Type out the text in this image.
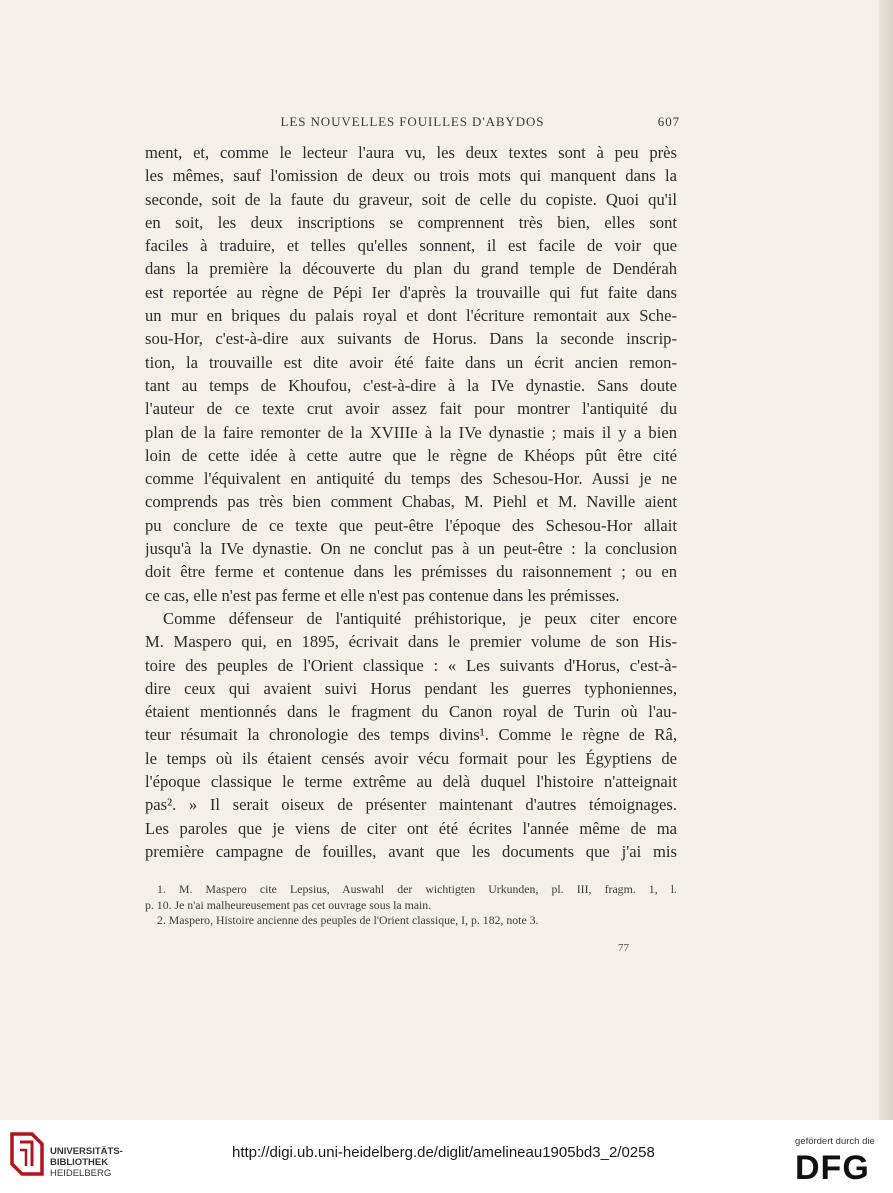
LES NOUVELLES FOUILLES D'ABYDOS	607
ment, et, comme le lecteur l'aura vu, les deux textes sont à peu près
les mêmes, sauf l'omission de deux ou trois mots qui manquent dans la
seconde, soit de la faute du graveur, soit de celle du copiste. Quoi qu'il
en soit, les deux inscriptions se comprennent très bien, elles sont
faciles à traduire, et telles qu'elles sonnent, il est facile de voir que
dans la première la découverte du plan du grand temple de Dendérah
est reportée au règne de Pépi Ier d'après la trouvaille qui fut faite dans
un mur en briques du palais royal et dont l'écriture remontait aux Sche-
sou-Hor, c'est-à-dire aux suivants de Horus. Dans la seconde inscrip-
tion, la trouvaille est dite avoir été faite dans un écrit ancien remon-
tant au temps de Khoufou, c'est-à-dire à la IVe dynastie. Sans doute
l'auteur de ce texte crut avoir assez fait pour montrer l'antiquité du
plan de la faire remonter de la XVIIIe à la IVe dynastie ; mais il y a bien
loin de cette idée à cette autre que le règne de Khéops pût être cité
comme l'équivalent en antiquité du temps des Schesou-Hor. Aussi je ne
comprends pas très bien comment Chabas, M. Piehl et M. Naville aient
pu conclure de ce texte que peut-être l'époque des Schesou-Hor allait
jusqu'à la IVe dynastie. On ne conclut pas à un peut-être : la conclusion
doit être ferme et contenue dans les prémisses du raisonnement ; ou en
ce cas, elle n'est pas ferme et elle n'est pas contenue dans les prémisses.
Comme défenseur de l'antiquité préhistorique, je peux citer encore
M. Maspero qui, en 1895, écrivait dans le premier volume de son His-
toire des peuples de l'Orient classique : « Les suivants d'Horus, c'est-à-
dire ceux qui avaient suivi Horus pendant les guerres typhoniennes,
étaient mentionnés dans le fragment du Canon royal de Turin où l'au-
teur résumait la chronologie des temps divins¹. Comme le règne de Râ,
le temps où ils étaient censés avoir vécu formait pour les Égyptiens de
l'époque classique le terme extrême au delà duquel l'histoire n'atteignait
pas². » Il serait oiseux de présenter maintenant d'autres témoignages.
Les paroles que je viens de citer ont été écrites l'année même de ma
première campagne de fouilles, avant que les documents que j'ai mis
1. M. Maspero cite Lepsius, Auswahl der wichtigten Urkunden, pl. III, fragm. 1, l.
p. 10. Je n'ai malheureusement pas cet ouvrage sous la main.
2. Maspero, Histoire ancienne des peuples de l'Orient classique, I, p. 182, note 3.
77
UNIVERSITÄTS-
BIBLIOTHEK
HEIDELBERG
http://digi.ub.uni-heidelberg.de/diglit/amelineau1905bd3_2/0258
gefördert durch die
DFG
